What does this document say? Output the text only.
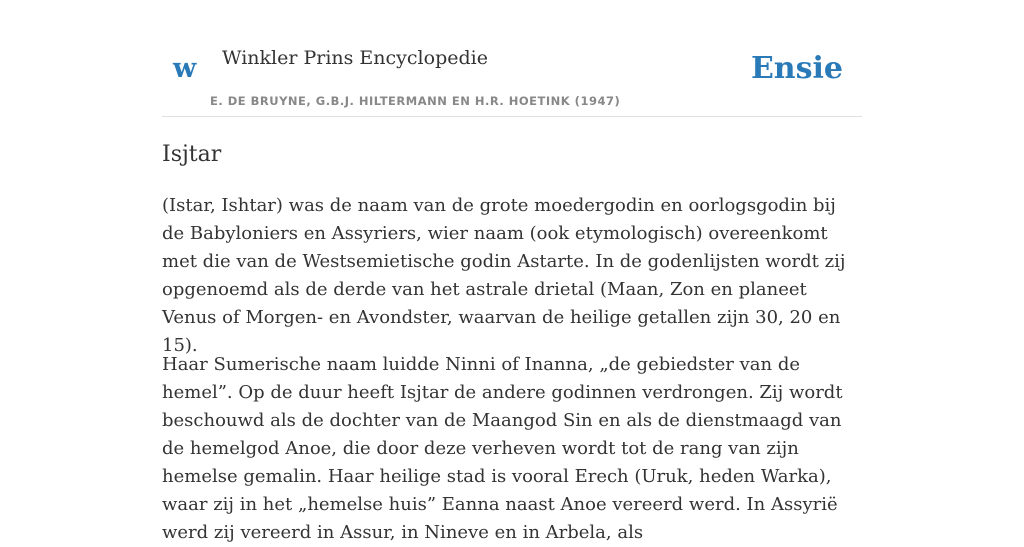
w Winkler Prins Encyclopedie
E. DE BRUYNE, G.B.J. HILTERMANN EN H.R. HOETINK (1947)
Ensie
Isjtar

(Istar, Ishtar) was de naam van de grote moedergodin en oorlogsgodin bij de Babyloniers en Assyriers, wier naam (ook etymologisch) overeenkomt met die van de Westsemietische godin Astarte. In de godenlijsten wordt zij opgenoemd als de derde van het astrale drietal (Maan, Zon en planeet Venus of Morgen- en Avondster, waarvan de heilige getallen zijn 30, 20 en 15).

Haar Sumerische naam luidde Ninni of Inanna, „de gebiedster van de hemel”. Op de duur heeft Isjtar de andere godinnen verdrongen. Zij wordt beschouwd als de dochter van de Maangod Sin en als de dienstmaagd van de hemelgod Anoe, die door deze verheven wordt tot de rang van zijn hemelse gemalin. Haar heilige stad is vooral Erech (Uruk, heden Warka), waar zij in het „hemelse huis” Eanna naast Anoe vereerd werd. In Assyrië werd zij vereerd in Assur, in Nineve en in Arbela, als
